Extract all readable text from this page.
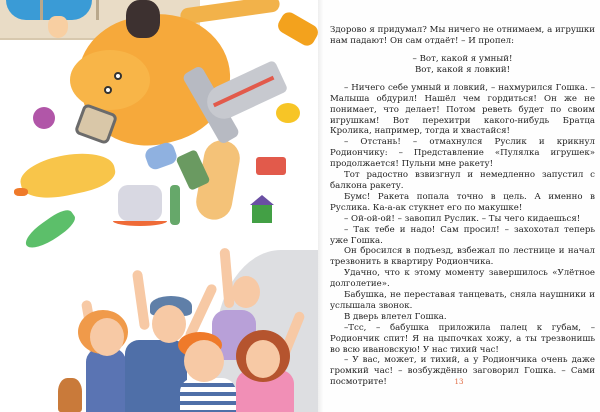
Здорово я придумал? Мы ничего не отнимаем, а игрушки нам падают! Он сам отдаёт! – И пропел:

– Вот, какой я умный!
Вот, какой я ловкий!

– Ничего себе умный и ловкий, – нахмурился Гошка. – Малыша обдурил! Нашёл чем гордиться! Он же не понимает, что делает! Потом реветь будет по своим игрушкам! Вот перехитри какого-нибудь Братца Кролика, например, тогда и хвастайся!

– Отстань! – отмахнулся Руслик и крикнул Родиончику: – Представление «Пулялка игрушек» продолжается! Пульни мне ракету!

Тот радостно взвизгнул и немедленно запустил с балкона ракету.

Бумс! Ракета попала точно в цель. А именно в Руслика. Ка-а-ак стукнет его по макушке!

– Ой-ой-ой! – завопил Руслик. – Ты чего кидаешься!

– Так тебе и надо! Сам просил! – захохотал теперь уже Гошка.

Он бросился в подъезд, взбежал по лестнице и начал трезвонить в квартиру Родиончика.

Удачно, что к этому моменту завершилось «Улётное долголетие».

Бабушка, не переставая танцевать, сняла наушники и услышала звонок.

В дверь влетел Гошка.

–Тсс, – бабушка приложила палец к губам, – Родиончик спит! Я на цыпочках хожу, а ты трезвонишь во всю ивановскую! У нас тихий час!

– У вас, может, и тихий, а у Родиончика очень даже громкий час! – возбуждённо заговорил Гошка. – Сами посмотрите!	13
